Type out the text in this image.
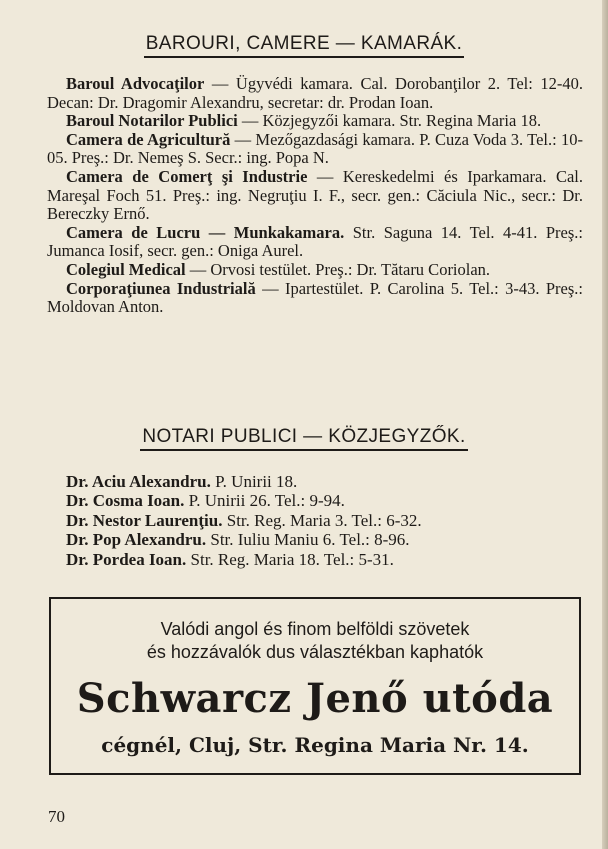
BAROURI, CAMERE — KAMARÁK.

Baroul Advocaţilor — Ügyvédi kamara. Cal. Dorobanţilor 2. Tel: 12-40. Decan: Dr. Dragomir Alexandru, secretar: dr. Prodan Ioan.

Baroul Notarilor Publici — Közjegyzői kamara. Str. Regina Maria 18.

Camera de Agricultură — Mezőgazdasági kamara. P. Cuza Voda 3. Tel.: 10-05. Preş.: Dr. Nemeş S. Secr.: ing. Popa N.

Camera de Comerţ şi Industrie — Kereskedelmi és Iparkamara. Cal. Mareşal Foch 51. Preş.: ing. Negruţiu I. F., secr. gen.: Căciula Nic., secr.: Dr. Bereczky Ernő.

Camera de Lucru — Munkakamara. Str. Saguna 14. Tel. 4-41. Preş.: Jumanca Iosif, secr. gen.: Oniga Aurel.

Colegiul Medical — Orvosi testület. Preş.: Dr. Tătaru Coriolan.

Corporaţiunea Industrială — Ipartestület. P. Carolina 5. Tel.: 3-43. Preş.: Moldovan Anton.

NOTARI PUBLICI — KÖZJEGYZŐK.
Dr. Aciu Alexandru. P. Unirii 18.
Dr. Cosma Ioan. P. Unirii 26. Tel.: 9-94.
Dr. Nestor Laurenţiu. Str. Reg. Maria 3. Tel.: 6-32.
Dr. Pop Alexandru. Str. Iuliu Maniu 6. Tel.: 8-96.
Dr. Pordea Ioan. Str. Reg. Maria 18. Tel.: 5-31.
Valódi angol és finom belföldi szövetek
és hozzávalók dus választékban kaphatók
Schwarcz Jenő utóda
cégnél, Cluj, Str. Regina Maria Nr. 14.
70
